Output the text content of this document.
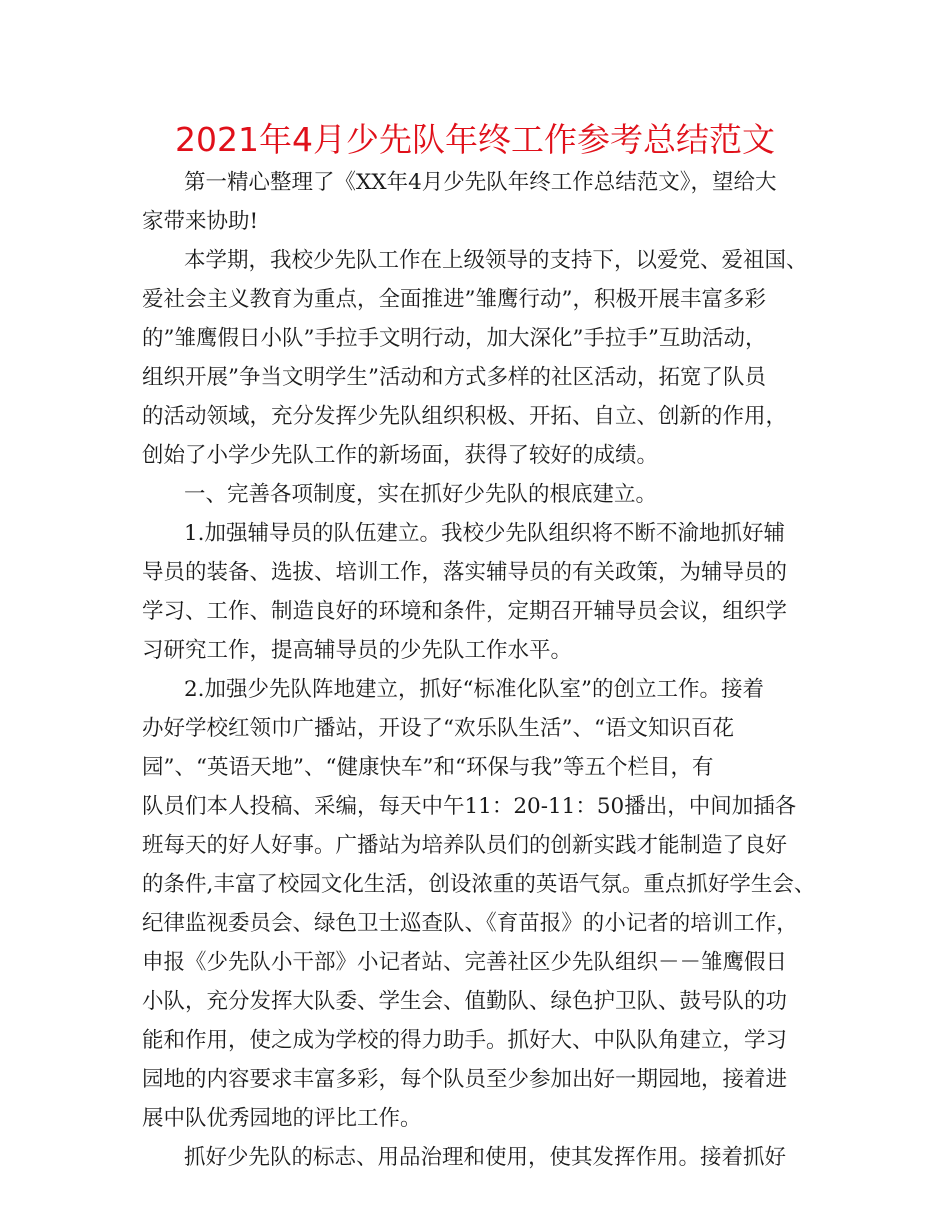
2021年4月少先队年终工作参考总结范文
第一精心整理了《XX年4月少先队年终工作总结范文》，望给大
家带来协助!
本学期，我校少先队工作在上级领导的支持下，以爱党、爱祖国、
爱社会主义教育为重点，全面推进”雏鹰行动”，积极开展丰富多彩
的”雏鹰假日小队”手拉手文明行动，加大深化”手拉手”互助活动，
组织开展”争当文明学生”活动和方式多样的社区活动，拓宽了队员
的活动领域，充分发挥少先队组织积极、开拓、自立、创新的作用，
创始了小学少先队工作的新场面，获得了较好的成绩。
一、完善各项制度，实在抓好少先队的根底建立。
1.加强辅导员的队伍建立。我校少先队组织将不断不渝地抓好辅
导员的装备、选拔、培训工作，落实辅导员的有关政策，为辅导员的
学习、工作、制造良好的环境和条件，定期召开辅导员会议，组织学
习研究工作，提高辅导员的少先队工作水平。
2.加强少先队阵地建立，抓好“标准化队室”的创立工作。接着
办好学校红领巾广播站，开设了“欢乐队生活”、“语文知识百花
园”、“英语天地”、“健康快车”和“环保与我”等五个栏目，有
队员们本人投稿、采编，每天中午11：20-11：50播出，中间加插各
班每天的好人好事。广播站为培养队员们的创新实践才能制造了良好
的条件,丰富了校园文化生活，创设浓重的英语气氛。重点抓好学生会、
纪律监视委员会、绿色卫士巡查队、《育苗报》的小记者的培训工作，
申报《少先队小干部》小记者站、完善社区少先队组织－－雏鹰假日
小队，充分发挥大队委、学生会、值勤队、绿色护卫队、鼓号队的功
能和作用，使之成为学校的得力助手。抓好大、中队队角建立，学习
园地的内容要求丰富多彩，每个队员至少参加出好一期园地，接着进
展中队优秀园地的评比工作。
抓好少先队的标志、用品治理和使用，使其发挥作用。接着抓好
